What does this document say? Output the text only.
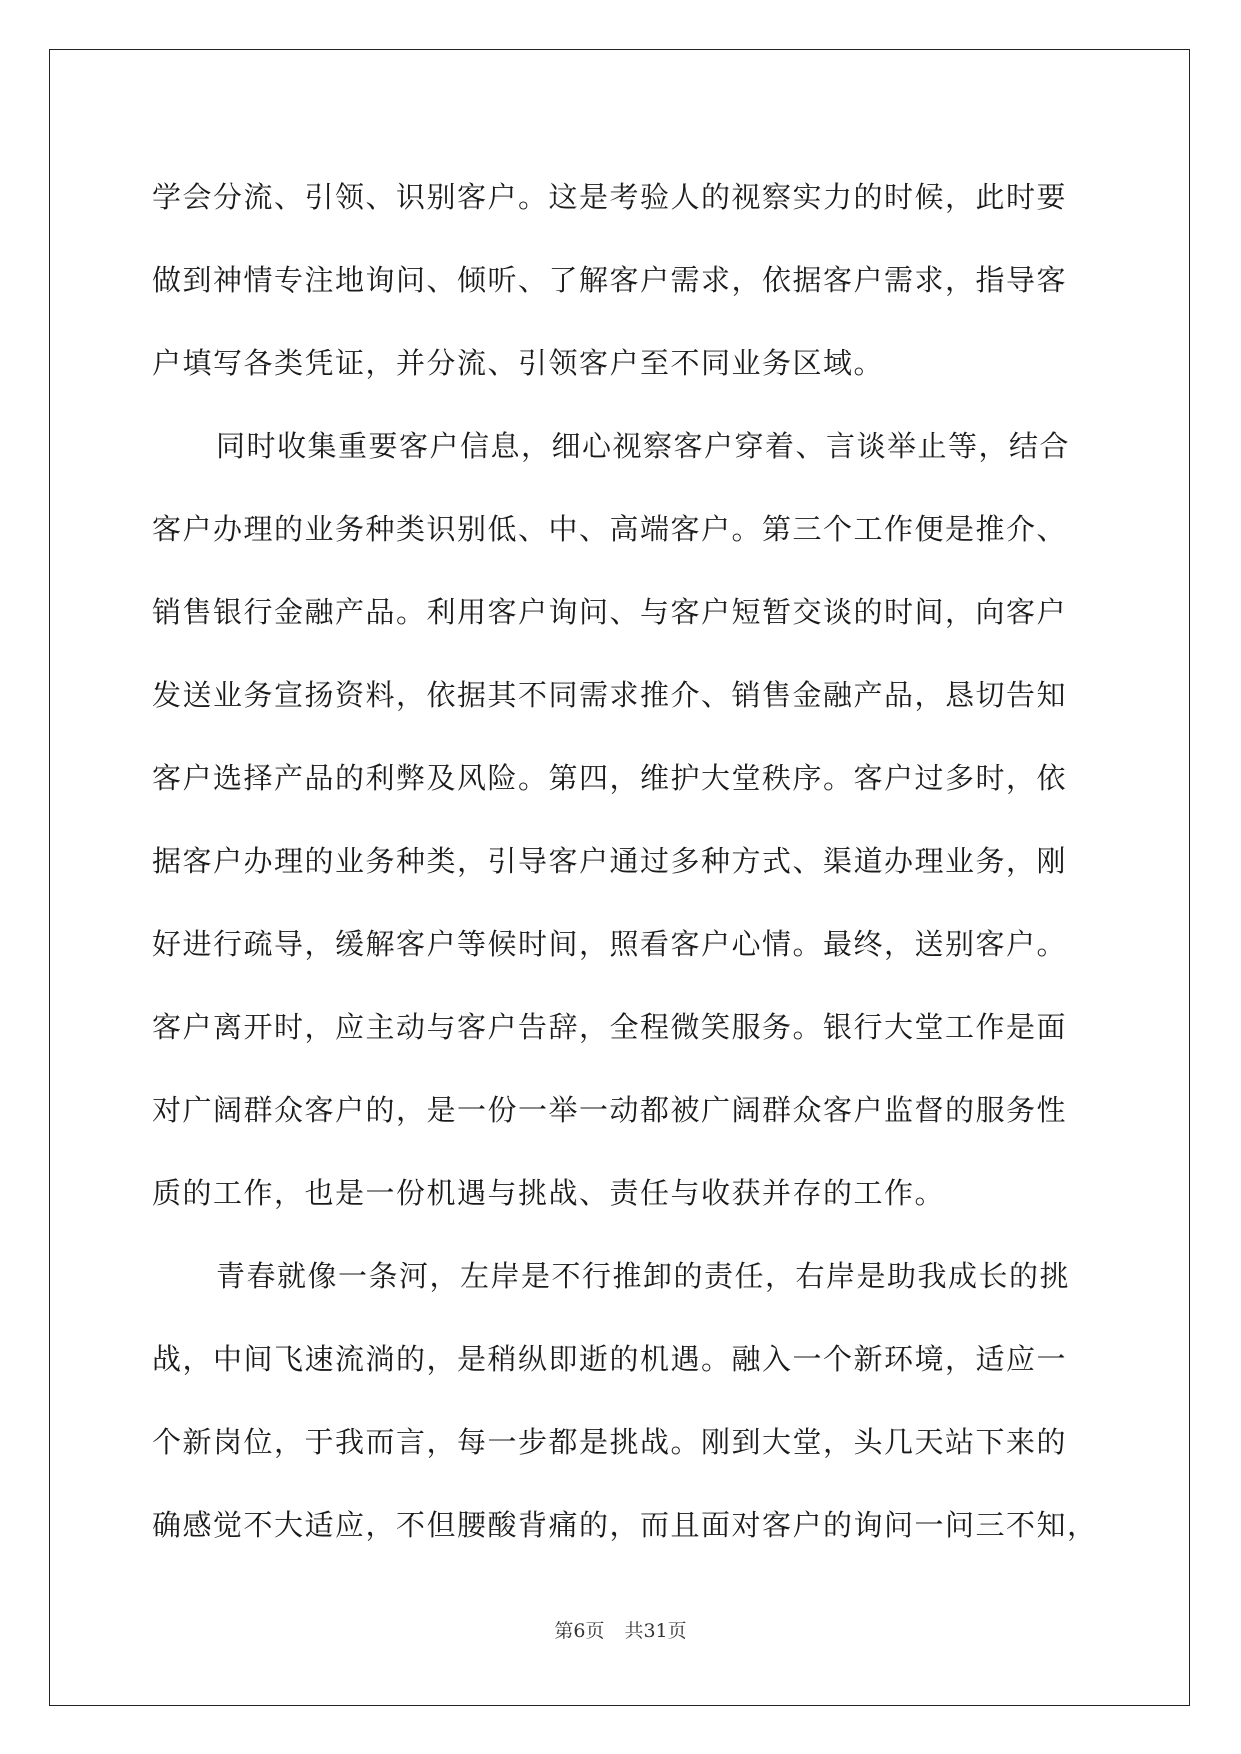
学会分流、引领、识别客户。这是考验人的视察实力的时候，此时要
做到神情专注地询问、倾听、了解客户需求，依据客户需求，指导客
户填写各类凭证，并分流、引领客户至不同业务区域。
同时收集重要客户信息，细心视察客户穿着、言谈举止等，结合
客户办理的业务种类识别低、中、高端客户。第三个工作便是推介、
销售银行金融产品。利用客户询问、与客户短暂交谈的时间，向客户
发送业务宣扬资料，依据其不同需求推介、销售金融产品，恳切告知
客户选择产品的利弊及风险。第四，维护大堂秩序。客户过多时，依
据客户办理的业务种类，引导客户通过多种方式、渠道办理业务，刚
好进行疏导，缓解客户等候时间，照看客户心情。最终，送别客户。
客户离开时，应主动与客户告辞，全程微笑服务。银行大堂工作是面
对广阔群众客户的，是一份一举一动都被广阔群众客户监督的服务性
质的工作，也是一份机遇与挑战、责任与收获并存的工作。
青春就像一条河，左岸是不行推卸的责任，右岸是助我成长的挑
战，中间飞速流淌的，是稍纵即逝的机遇。融入一个新环境，适应一
个新岗位，于我而言，每一步都是挑战。刚到大堂，头几天站下来的
确感觉不大适应，不但腰酸背痛的，而且面对客户的询问一问三不知，
第6页 共31页
